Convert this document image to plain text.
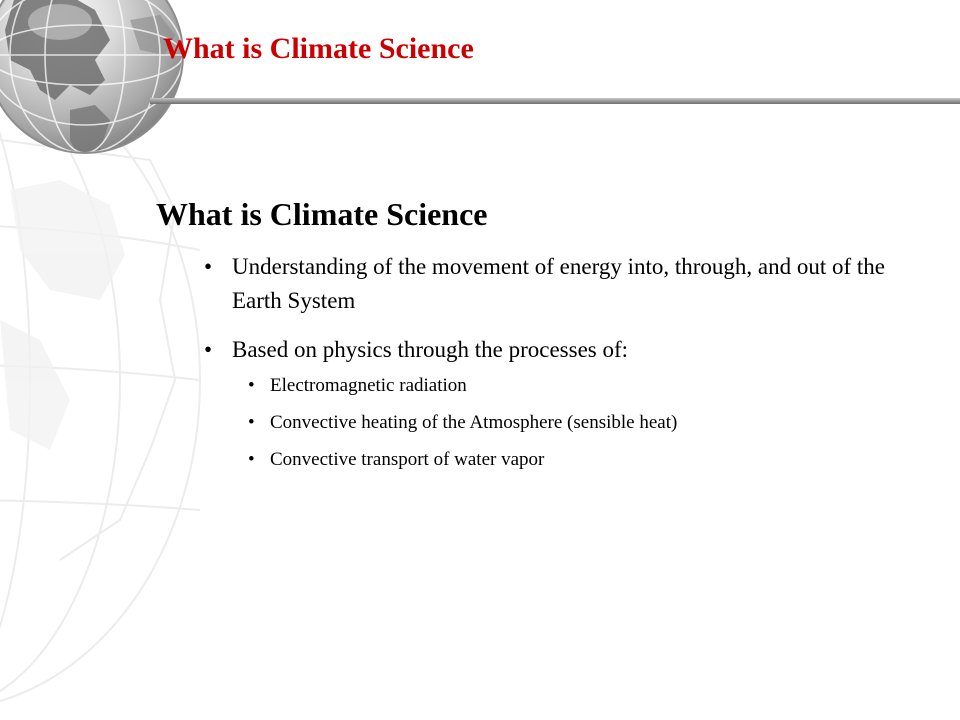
What is Climate Science
What is Climate Science
• Understanding of the movement of energy into, through, and out of the Earth System
• Based on physics through the processes of:
• Electromagnetic radiation
• Convective heating of the Atmosphere (sensible heat)
• Convective transport of water vapor
